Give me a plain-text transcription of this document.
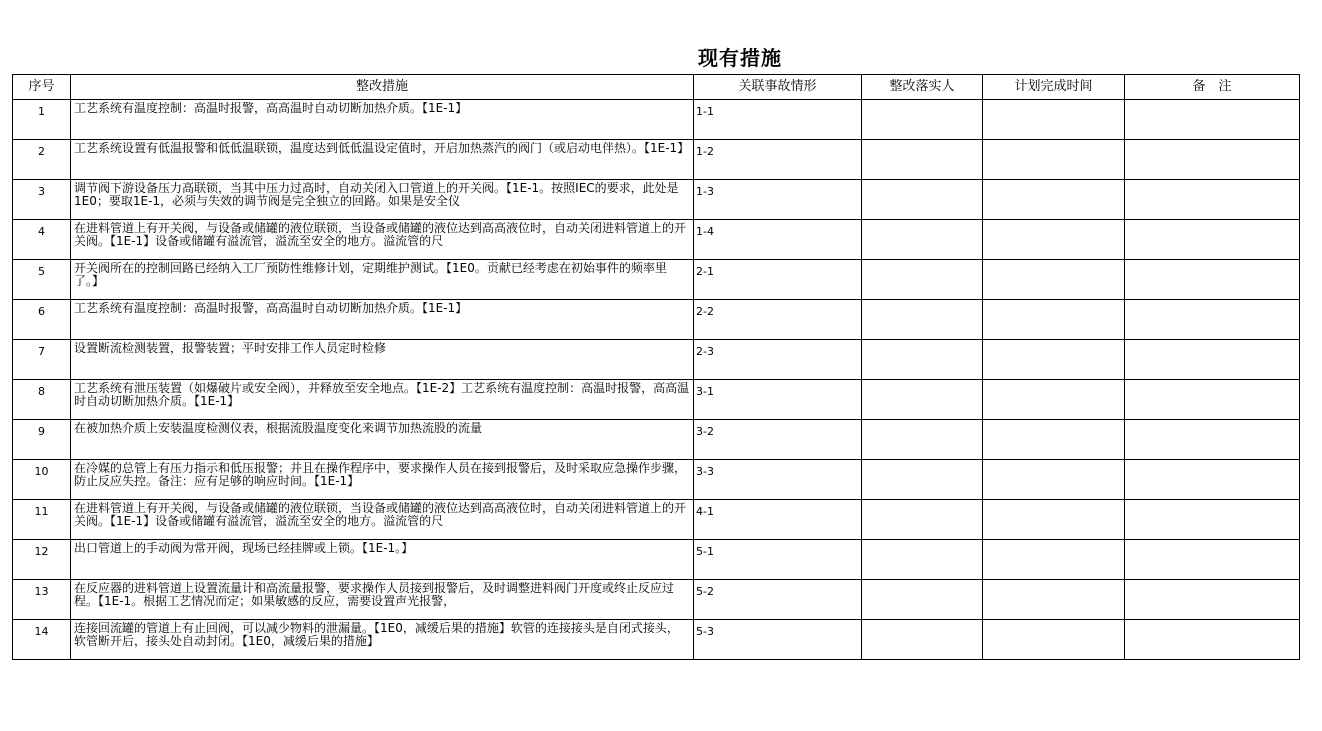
现有措施
序号	整改措施	关联事故情形	整改落实人	计划完成时间	备　注
1	工艺系统有温度控制：高温时报警，高高温时自动切断加热介质。【1E-1】	1-1			
2	工艺系统设置有低温报警和低低温联锁，温度达到低低温设定值时，开启加热蒸汽的阀门（或启动电伴热）。【1E-1】	1-2			
3	调节阀下游设备压力高联锁，当其中压力过高时，自动关闭入口管道上的开关阀。【1E-1。按照IEC的要求，此处是1E0；要取1E-1，必须与失效的调节阀是完全独立的回路。如果是安全仪	1-3			
4	在进料管道上有开关阀，与设备或储罐的液位联锁，当设备或储罐的液位达到高高液位时，自动关闭进料管道上的开关阀。【1E-1】设备或储罐有溢流管，溢流至安全的地方。溢流管的尺	1-4			
5	开关阀所在的控制回路已经纳入工厂预防性维修计划，定期维护测试。【1E0。贡献已经考虑在初始事件的频率里了。】	2-1			
6	工艺系统有温度控制：高温时报警，高高温时自动切断加热介质。【1E-1】	2-2			
7	设置断流检测装置，报警装置；平时安排工作人员定时检修	2-3			
8	工艺系统有泄压装置（如爆破片或安全阀），并释放至安全地点。【1E-2】工艺系统有温度控制：高温时报警，高高温时自动切断加热介质。【1E-1】	3-1			
9	在被加热介质上安装温度检测仪表，根据流股温度变化来调节加热流股的流量	3-2			
10	在冷媒的总管上有压力指示和低压报警；并且在操作程序中，要求操作人员在接到报警后，及时采取应急操作步骤，防止反应失控。备注：应有足够的响应时间。【1E-1】	3-3			
11	在进料管道上有开关阀，与设备或储罐的液位联锁，当设备或储罐的液位达到高高液位时，自动关闭进料管道上的开关阀。【1E-1】设备或储罐有溢流管，溢流至安全的地方。溢流管的尺	4-1			
12	出口管道上的手动阀为常开阀，现场已经挂牌或上锁。【1E-1。】	5-1			
13	在反应器的进料管道上设置流量计和高流量报警，要求操作人员接到报警后，及时调整进料阀门开度或终止反应过程。【1E-1。根据工艺情况而定；如果敏感的反应，需要设置声光报警，	5-2			
14	连接回流罐的管道上有止回阀，可以减少物料的泄漏量。【1E0，减缓后果的措施】软管的连接接头是自闭式接头，软管断开后，接头处自动封闭。【1E0，减缓后果的措施】	5-3			
